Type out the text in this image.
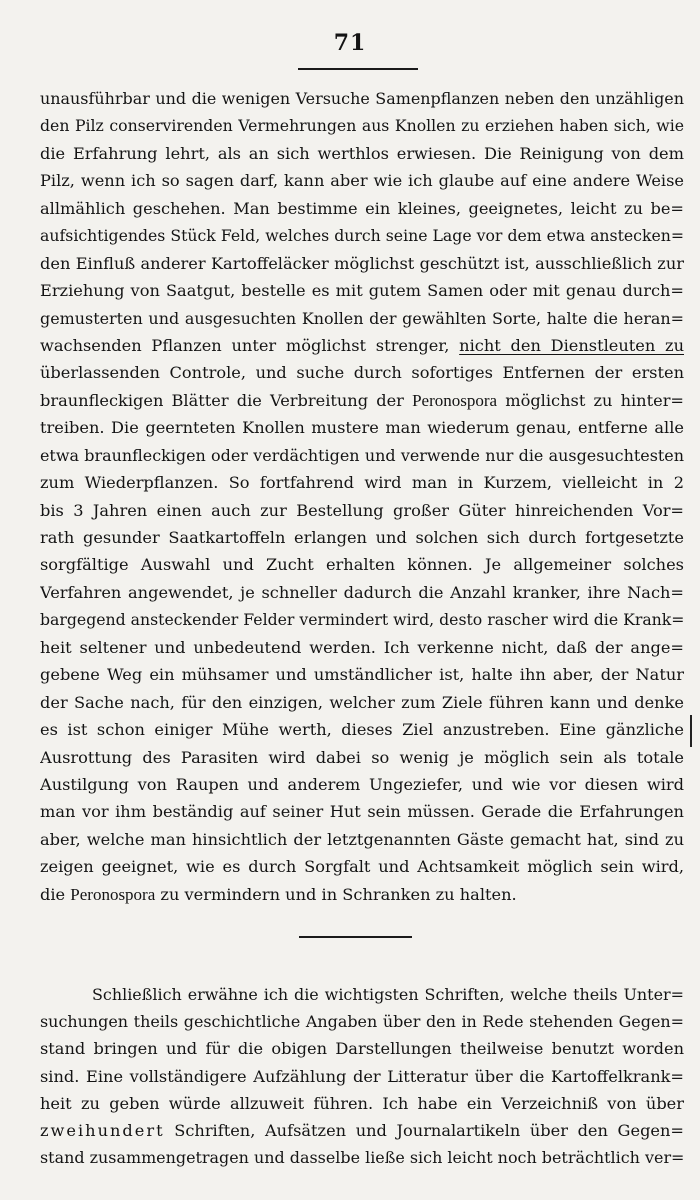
71
unausführbar und die wenigen Versuche Samenpflanzen neben den unzähligen
den Pilz conservirenden Vermehrungen aus Knollen zu erziehen haben sich, wie
die Erfahrung lehrt, als an sich werthlos erwiesen. Die Reinigung von dem
Pilz, wenn ich so sagen darf, kann aber wie ich glaube auf eine andere Weise
allmählich geschehen. Man bestimme ein kleines, geeignetes, leicht zu be=
aufsichtigendes Stück Feld, welches durch seine Lage vor dem etwa anstecken=
den Einfluß anderer Kartoffeläcker möglichst geschützt ist, ausschließlich zur
Erziehung von Saatgut, bestelle es mit gutem Samen oder mit genau durch=
gemusterten und ausgesuchten Knollen der gewählten Sorte, halte die heran=
wachsenden Pflanzen unter möglichst strenger, nicht den Dienstleuten zu
überlassenden Controle, und suche durch sofortiges Entfernen der ersten
braunfleckigen Blätter die Verbreitung der Peronospora möglichst zu hinter=
treiben. Die geernteten Knollen mustere man wiederum genau, entferne alle
etwa braunfleckigen oder verdächtigen und verwende nur die ausgesuchtesten
zum Wiederpflanzen. So fortfahrend wird man in Kurzem, vielleicht in 2
bis 3 Jahren einen auch zur Bestellung großer Güter hinreichenden Vor=
rath gesunder Saatkartoffeln erlangen und solchen sich durch fortgesetzte
sorgfältige Auswahl und Zucht erhalten können. Je allgemeiner solches
Verfahren angewendet, je schneller dadurch die Anzahl kranker, ihre Nach=
bargegend ansteckender Felder vermindert wird, desto rascher wird die Krank=
heit seltener und unbedeutend werden. Ich verkenne nicht, daß der ange=
gebene Weg ein mühsamer und umständlicher ist, halte ihn aber, der Natur
der Sache nach, für den einzigen, welcher zum Ziele führen kann und denke
es ist schon einiger Mühe werth, dieses Ziel anzustreben. Eine gänzliche
Ausrottung des Parasiten wird dabei so wenig je möglich sein als totale
Austilgung von Raupen und anderem Ungeziefer, und wie vor diesen wird
man vor ihm beständig auf seiner Hut sein müssen. Gerade die Erfahrungen
aber, welche man hinsichtlich der letztgenannten Gäste gemacht hat, sind zu
zeigen geeignet, wie es durch Sorgfalt und Achtsamkeit möglich sein wird,
die Peronospora zu vermindern und in Schranken zu halten.
Schließlich erwähne ich die wichtigsten Schriften, welche theils Unter=
suchungen theils geschichtliche Angaben über den in Rede stehenden Gegen=
stand bringen und für die obigen Darstellungen theilweise benutzt worden
sind. Eine vollständigere Aufzählung der Litteratur über die Kartoffelkrank=
heit zu geben würde allzuweit führen. Ich habe ein Verzeichniß von über
zweihundert Schriften, Aufsätzen und Journalartikeln über den Gegen=
stand zusammengetragen und dasselbe ließe sich leicht noch beträchtlich ver=
